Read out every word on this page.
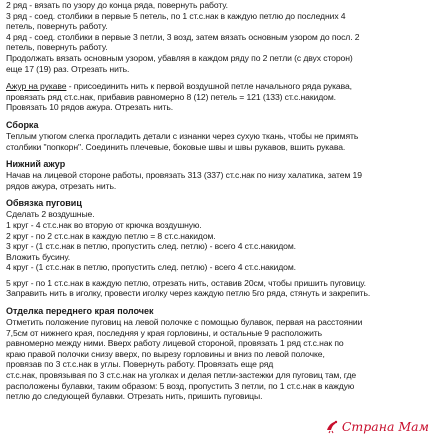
2 ряд - вязать по узору до конца ряда, повернуть работу.
3 ряд - соед. столбики в первые 5 петель, по 1 ст.с.нак в каждую петлю до последних 4
петель, повернуть работу.
4 ряд - соед. столбики в первые 3 петли, 3 возд, затем вязать основным узором до посл. 2
петель, повернуть работу.
Продолжать вязать основным узором, убавляя в каждом ряду по 2 петли (с двух сторон)
еще 17 (19) раз. Отрезать нить.

Ажур на рукаве - присоединить нить к первой воздушной петле начального ряда рукава,
провязать ряд ст.с.нак, прибавив равномерно 8 (12) петель = 121 (133) ст.с.накидом.
Провязать 10 рядов ажура. Отрезать нить.

Сборка

Теплым утюгом слегка прогладить детали с изнанки через сухую ткань, чтобы не примять
столбики "попкорн". Соединить плечевые, боковые швы и швы рукавов, вшить рукава.

Нижний ажур

Начав на лицевой стороне работы, провязать 313 (337) ст.с.нак по низу халатика, затем 19
рядов ажура, отрезать нить.

Обвязка пуговиц

Сделать 2 воздушные.
1 круг - 4 ст.с.нак во вторую от крючка воздушную.
2 круг - по 2 ст.с.нак в каждую петлю = 8 ст.с.накидом.
3 круг - (1 ст.с.нак в петлю, пропустить след. петлю) - всего 4 ст.с.накидом.
Вложить бусину.
4 круг - (1 ст.с.нак в петлю, пропустить след. петлю) - всего 4 ст.с.накидом.

5 круг - по 1 ст.с.нак в каждую петлю, отрезать нить, оставив 20см, чтобы пришить пуговицу.
Заправить нить в иголку, провести иголку через каждую петлю 5го ряда, стянуть и закрепить.

Отделка переднего края полочек

Отметить положение пуговиц на левой полочке с помощью булавок, первая на расстоянии
7,5см от нижнего края, последняя у края горловины, и остальные 9 расположить
равномерно между ними. Вверх работу лицевой стороной, провязать 1 ряд ст.с.нак по
краю правой полочки снизу вверх, по вырезу горловины и вниз по левой полочке,
провязав по 3 ст.с.нак в углы. Повернуть работу. Провязать еще ряд
ст.с.нак, провязывая по 3 ст.с.нак на уголках и делая петли-застежки для пуговиц там, где
расположены булавки, таким образом: 5 возд, пропустить 3 петли, по 1 ст.с.нак в каждую
петлю до следующей булавки. Отрезать нить, пришить пуговицы.

Страна Мам
